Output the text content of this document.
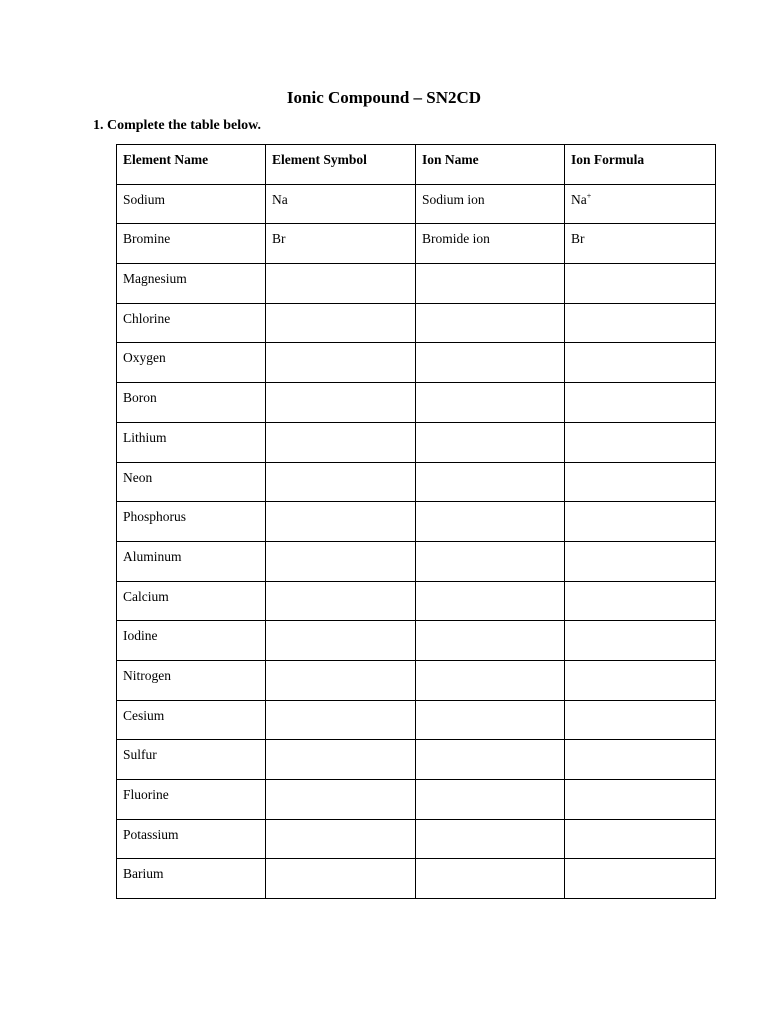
Ionic Compound – SN2CD
1. Complete the table below.
Element Name	Element Symbol	Ion Name	Ion Formula
Sodium	Na	Sodium ion	Na+
Bromine	Br	Bromide ion	Br
Magnesium			
Chlorine			
Oxygen			
Boron			
Lithium			
Neon			
Phosphorus			
Aluminum			
Calcium			
Iodine			
Nitrogen			
Cesium			
Sulfur			
Fluorine			
Potassium			
Barium			
